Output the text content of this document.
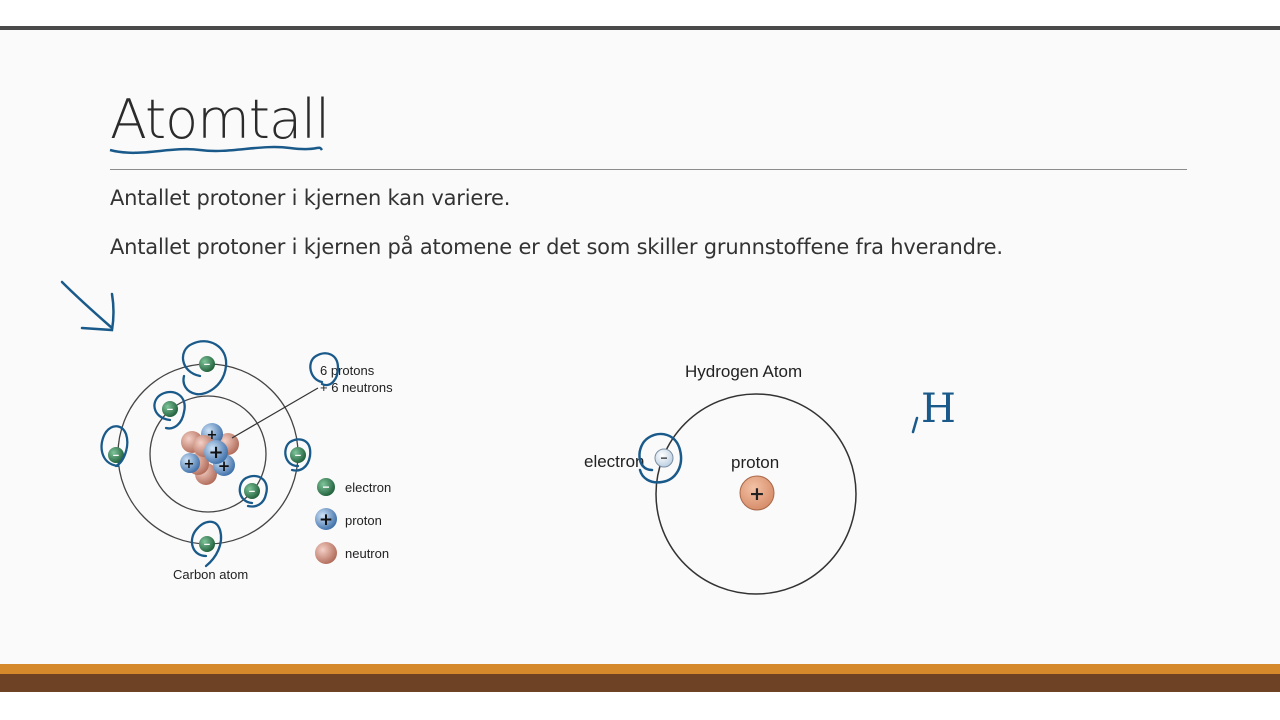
Atomtall

Antallet protoner i kjernen kan variere.

Antallet protoner i kjernen på atomene er det som skiller grunnstoffene fra hverandre.

+
+
+
+
6 protons
+ 6 neutrons
−
−
−	−
−
−
Carbon atom
− electron
+ proton
neutron
Hydrogen Atom
+
proton
−
electron
H
